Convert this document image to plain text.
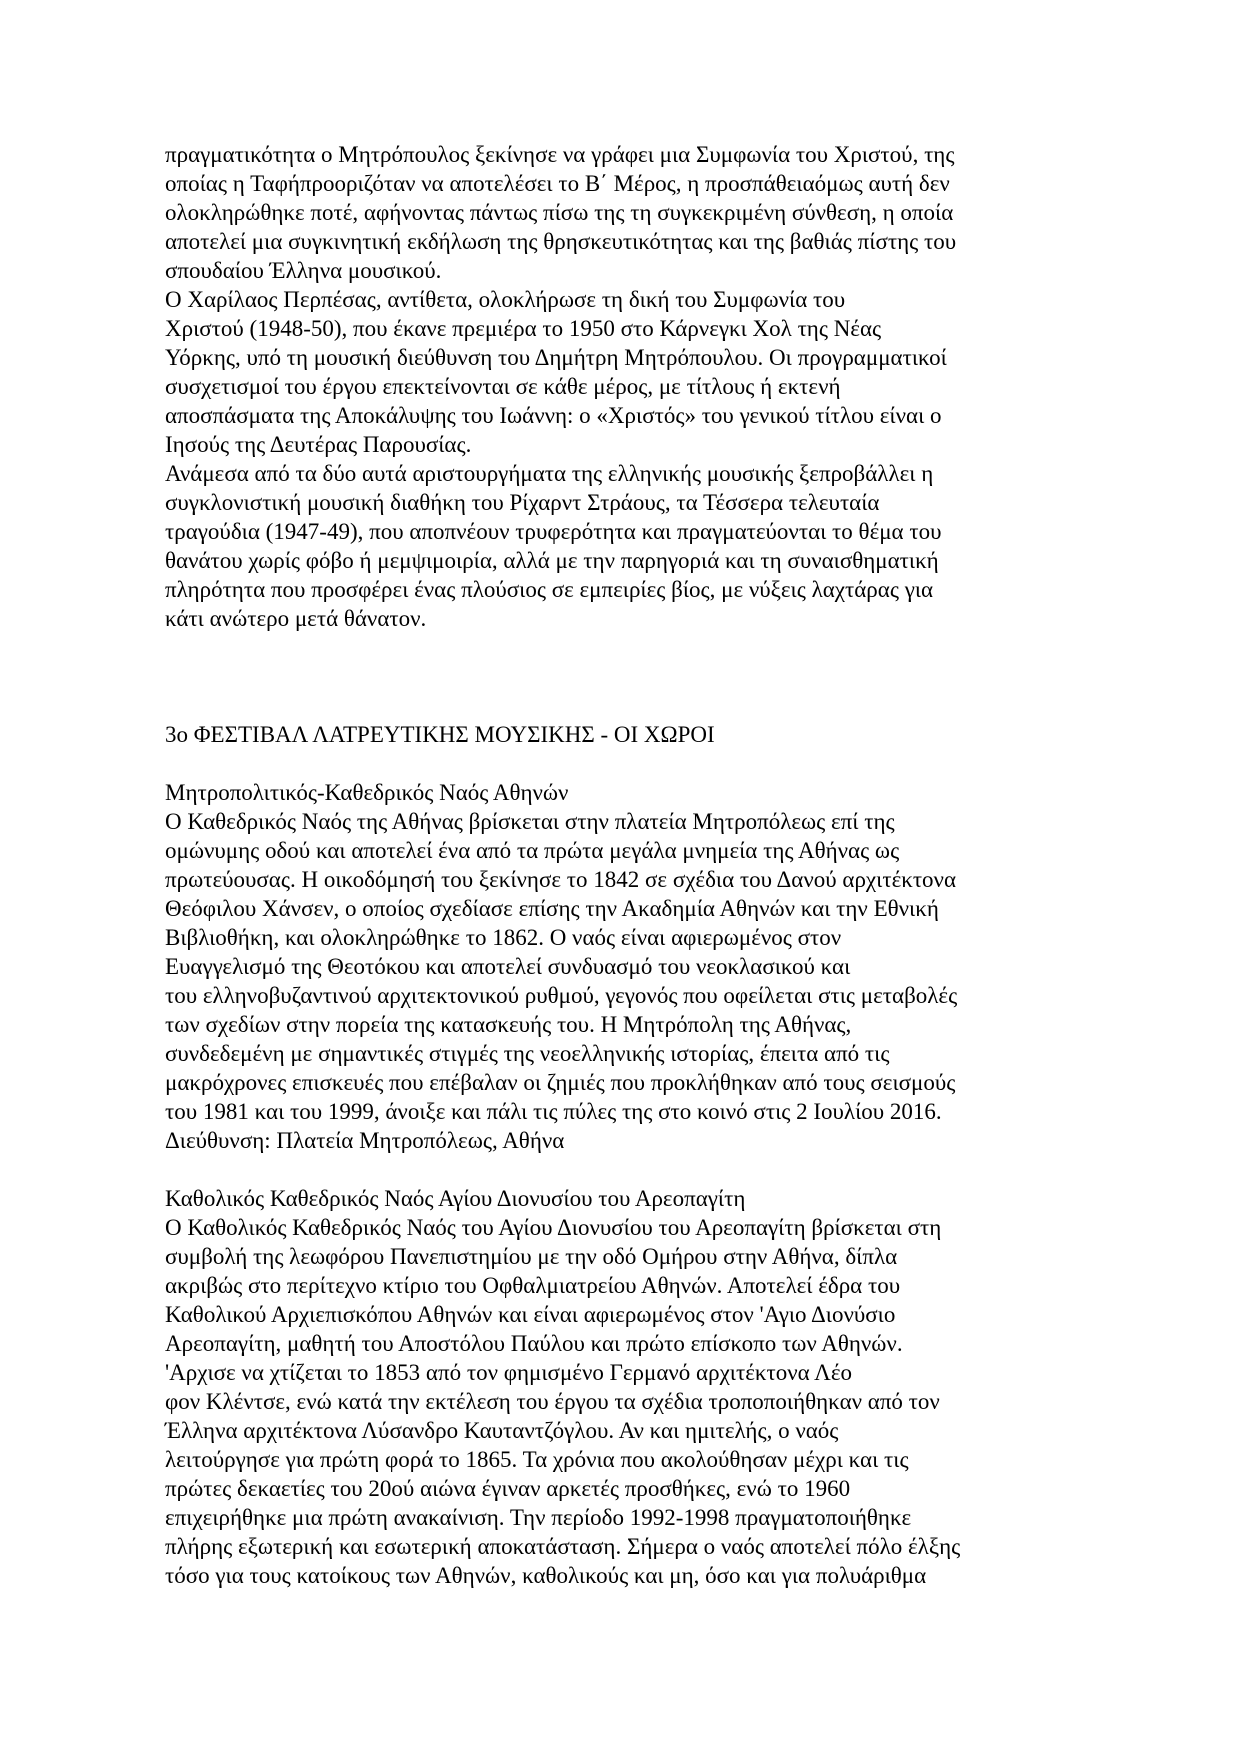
πραγματικότητα ο Μητρόπουλος ξεκίνησε να γράφει μια Συμφωνία του Χριστού, της
οποίας η Ταφήπροοριζόταν να αποτελέσει το Β΄ Μέρος, η προσπάθειαόμως αυτή δεν
ολοκληρώθηκε ποτέ, αφήνοντας πάντως πίσω της τη συγκεκριμένη σύνθεση, η οποία
αποτελεί μια συγκινητική εκδήλωση της θρησκευτικότητας και της βαθιάς πίστης του
σπουδαίου Έλληνα μουσικού.
Ο Χαρίλαος Περπέσας, αντίθετα, ολοκλήρωσε τη δική του Συμφωνία του
Χριστού (1948-50), που έκανε πρεμιέρα το 1950 στο Κάρνεγκι Χολ της Νέας
Υόρκης, υπό τη μουσική διεύθυνση του Δημήτρη Μητρόπουλου. Οι προγραμματικοί
συσχετισμοί του έργου επεκτείνονται σε κάθε μέρος, με τίτλους ή εκτενή
αποσπάσματα της Αποκάλυψης του Ιωάννη: ο «Χριστός» του γενικού τίτλου είναι ο
Ιησούς της Δευτέρας Παρουσίας.
Ανάμεσα από τα δύο αυτά αριστουργήματα της ελληνικής μουσικής ξεπροβάλλει η
συγκλονιστική μουσική διαθήκη του Ρίχαρντ Στράους, τα Τέσσερα τελευταία
τραγούδια (1947-49), που αποπνέουν τρυφερότητα και πραγματεύονται το θέμα του
θανάτου χωρίς φόβο ή μεμψιμοιρία, αλλά με την παρηγοριά και τη συναισθηματική
πληρότητα που προσφέρει ένας πλούσιος σε εμπειρίες βίος, με νύξεις λαχτάρας για
κάτι ανώτερο μετά θάνατον.
3ο ΦΕΣΤΙΒΑΛ ΛΑΤΡΕΥΤΙΚΗΣ ΜΟΥΣΙΚΗΣ - ΟΙ ΧΩΡΟΙ
Μητροπολιτικός-Καθεδρικός Ναός Αθηνών
Ο Καθεδρικός Ναός της Αθήνας βρίσκεται στην πλατεία Μητροπόλεως επί της
ομώνυμης οδού και αποτελεί ένα από τα πρώτα μεγάλα μνημεία της Αθήνας ως
πρωτεύουσας. Η οικοδόμησή του ξεκίνησε το 1842 σε σχέδια του Δανού αρχιτέκτονα
Θεόφιλου Χάνσεν, ο οποίος σχεδίασε επίσης την Ακαδημία Αθηνών και την Εθνική
Βιβλιοθήκη, και ολοκληρώθηκε το 1862. Ο ναός είναι αφιερωμένος στον
Ευαγγελισμό της Θεοτόκου και αποτελεί συνδυασμό του νεοκλασικού και
του ελληνοβυζαντινού αρχιτεκτονικού ρυθμού, γεγονός που οφείλεται στις μεταβολές
των σχεδίων στην πορεία της κατασκευής του. Η Μητρόπολη της Αθήνας,
συνδεδεμένη με σημαντικές στιγμές της νεοελληνικής ιστορίας, έπειτα από τις
μακρόχρονες επισκευές που επέβαλαν οι ζημιές που προκλήθηκαν από τους σεισμούς
του 1981 και του 1999, άνοιξε και πάλι τις πύλες της στο κοινό στις 2 Ιουλίου 2016.
Διεύθυνση: Πλατεία Μητροπόλεως, Αθήνα
Καθολικός Καθεδρικός Ναός Αγίου Διονυσίου του Αρεοπαγίτη
Ο Καθολικός Καθεδρικός Ναός του Αγίου Διονυσίου του Αρεοπαγίτη βρίσκεται στη
συμβολή της λεωφόρου Πανεπιστημίου με την οδό Ομήρου στην Αθήνα, δίπλα
ακριβώς στο περίτεχνο κτίριο του Οφθαλμιατρείου Αθηνών. Αποτελεί έδρα του
Καθολικού Αρχιεπισκόπου Αθηνών και είναι αφιερωμένος στον 'Αγιο Διονύσιο
Αρεοπαγίτη, μαθητή του Αποστόλου Παύλου και πρώτο επίσκοπο των Αθηνών.
'Αρχισε να χτίζεται το 1853 από τον φημισμένο Γερμανό αρχιτέκτονα Λέο
φον Κλέντσε, ενώ κατά την εκτέλεση του έργου τα σχέδια τροποποιήθηκαν από τον
Έλληνα αρχιτέκτονα Λύσανδρο Καυταντζόγλου. Αν και ημιτελής, ο ναός
λειτούργησε για πρώτη φορά το 1865. Τα χρόνια που ακολούθησαν μέχρι και τις
πρώτες δεκαετίες του 20ού αιώνα έγιναν αρκετές προσθήκες, ενώ το 1960
επιχειρήθηκε μια πρώτη ανακαίνιση. Την περίοδο 1992-1998 πραγματοποιήθηκε
πλήρης εξωτερική και εσωτερική αποκατάσταση. Σήμερα ο ναός αποτελεί πόλο έλξης
τόσο για τους κατοίκους των Αθηνών, καθολικούς και μη, όσο και για πολυάριθμα
